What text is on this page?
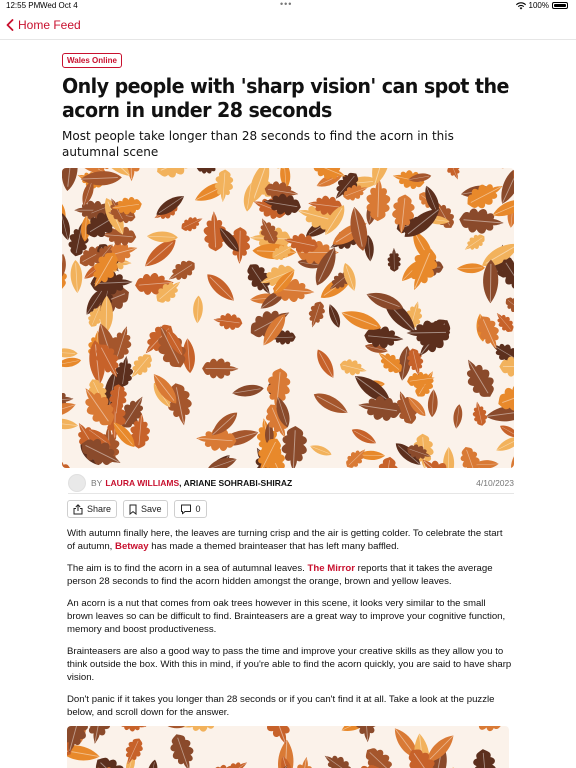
12:55 PM Wed Oct 4	•••	100%
Home Feed
Wales Online
Only people with 'sharp vision' can spot the acorn in under 28 seconds

Most people take longer than 28 seconds to find the acorn in this autumnal scene

BY LAURA WILLIAMS , ARIANE SOHRABI-SHIRAZ	4/10/2023
Share	Save	0

With autumn finally here, the leaves are turning crisp and the air is getting colder. To celebrate the start of autumn, Betway has made a themed brainteaser that has left many baffled.

The aim is to find the acorn in a sea of autumnal leaves. The Mirror reports that it takes the average person 28 seconds to find the acorn hidden amongst the orange, brown and yellow leaves.

An acorn is a nut that comes from oak trees however in this scene, it looks very similar to the small brown leaves so can be difficult to find. Brainteasers are a great way to improve your cognitive function, memory and boost productiveness.

Brainteasers are also a good way to pass the time and improve your creative skills as they allow you to think outside the box. With this in mind, if you're able to find the acorn quickly, you are said to have sharp vision.

Don't panic if it takes you longer than 28 seconds or if you can't find it at all. Take a look at the puzzle below, and scroll down for the answer.
